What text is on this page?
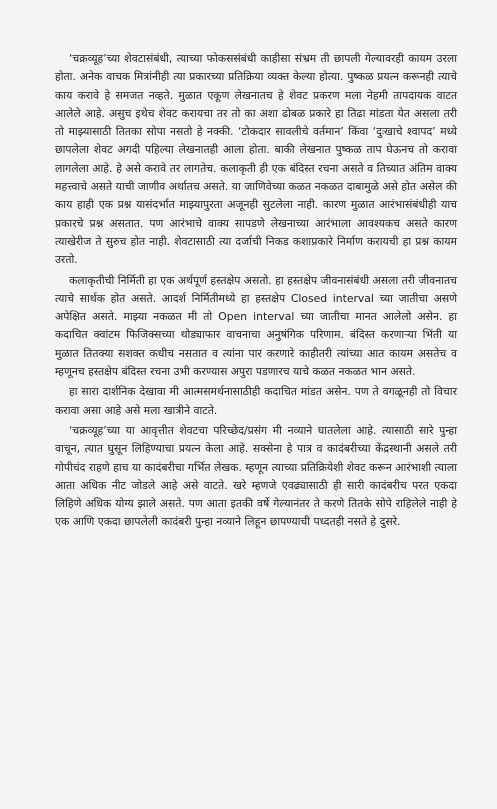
‘चक्रव्यूह’च्या शेवटासंबंधी, त्याच्या फोकससंबंधी काहीसा संभ्रम ती छापली गेल्यावरही कायम उरला होता. अनेक वाचक मित्रांनीही त्या प्रकारच्या प्रतिक्रिया व्यक्त केल्या होत्या. पुष्कळ प्रयत्न करूनही त्याचे काय करावे हे समजत नव्हते. मुळात एकूण लेखनातच हे शेवट प्रकरण मला नेहमी तापदायक वाटत आलेले आहे. असुच इथेच शेवट करायचा तर तो का अशा ढोबळ प्रकारे हा तिढा मांडता येत असला तरी तो माझ्यासाठी तितका सोपा नसतो हे नक्की. ‘टोकदार सावलीचे वर्तमान’ किंवा ‘दुःखाचे श्वापद’ मध्ये छापलेला शेवट अगदी पहिल्या लेखनातही आला होता. बाकी लेखनात पुष्कळ ताप घेऊनच तो करावा लागलेला आहे. हे असे करावे तर लागतेच. कलाकृती ही एक बंदिस्त रचना असते व तिच्यात अंतिम वाक्य महत्त्वाचे असते याची जाणीव अर्थातच असते. या जाणिवेच्या कळत नकळत दाबामुळे असे होत असेल की काय हाही एक प्रश्न यासंदर्भात माझ्यापुरता अजूनही सुटलेला नाही. कारण मुळात आरंभासंबंधीही याच प्रकारचे प्रश्न असतात. पण आरंभाचे वाक्य सापडणे लेखनाच्या आरंभाला आवश्यकच असते कारण त्याखेरीज ते सुरुच होत नाही. शेवटासाठी त्या दर्जाची निकड कशाप्रकारे निर्माण करायची हा प्रश्न कायम उरतो.

कलाकृतीची निर्मिती हा एक अर्थपूर्ण हस्तक्षेप असतो. हा हस्तक्षेप जीवनासंबंधी असला तरी जीवनातच त्याचे सार्थक होत असते. आदर्श निर्मितीमध्ये हा हस्तक्षेप Closed interval च्या जातीचा असणे अपेक्षित असते. माझ्या नकळत मी तो Open interval च्या जातीचा मानत आलेलो असेन. हा कदाचित क्वांटम फिजिक्सच्या थोड्याफार वाचनाचा अनुषंगिक परिणाम. बंदिस्त करणाऱ्या भिंती या मुळात तितक्या सशक्त कधीच नसतात व त्यांना पार करणारे काहीतरी त्यांच्या आत कायम असतेच व म्हणूनच हस्तक्षेप बंदिस्त रचना उभी करण्यास अपुरा पडणारच याचे कळत नकळत भान असते.

हा सारा दार्शनिक देखावा मी आत्मसमर्थनासाठीही कदाचित मांडत असेन. पण ते वगळूनही तो विचार करावा असा आहे असे मला खात्रीने वाटते.

‘चक्रव्यूह’च्या या आवृत्तीत शेवटचा परिच्छेद/प्रसंग मी नव्याने घातलेला आहे. त्यासाठी सारे पुन्हा वाचून, त्यात घुसून लिहिण्याचा प्रयत्न केला आहे. सक्सेना हे पात्र व कादंबरीच्या केंद्रस्थानी असले तरी गोपीचंद राहणे हाच या कादंबरीचा गर्भित लेखक. म्हणून त्याच्या प्रतिक्रियेशी शेवट करून आरंभाशी त्याला आता अधिक नीट जोडले आहे असे वाटते. खरे म्हणजे एवढ्यासाठी ही सारी कादंबरीच परत एकदा लिहिणे अधिक योग्य झाले असते. पण आता इतकी वर्षे गेल्यानंतर ते करणे तितके सोपे राहिलेले नाही हे एक आणि एकदा छापलेली कादंबरी पुन्हा नव्याने लिहून छापण्याची पध्दतही नसते हे दुसरे.
